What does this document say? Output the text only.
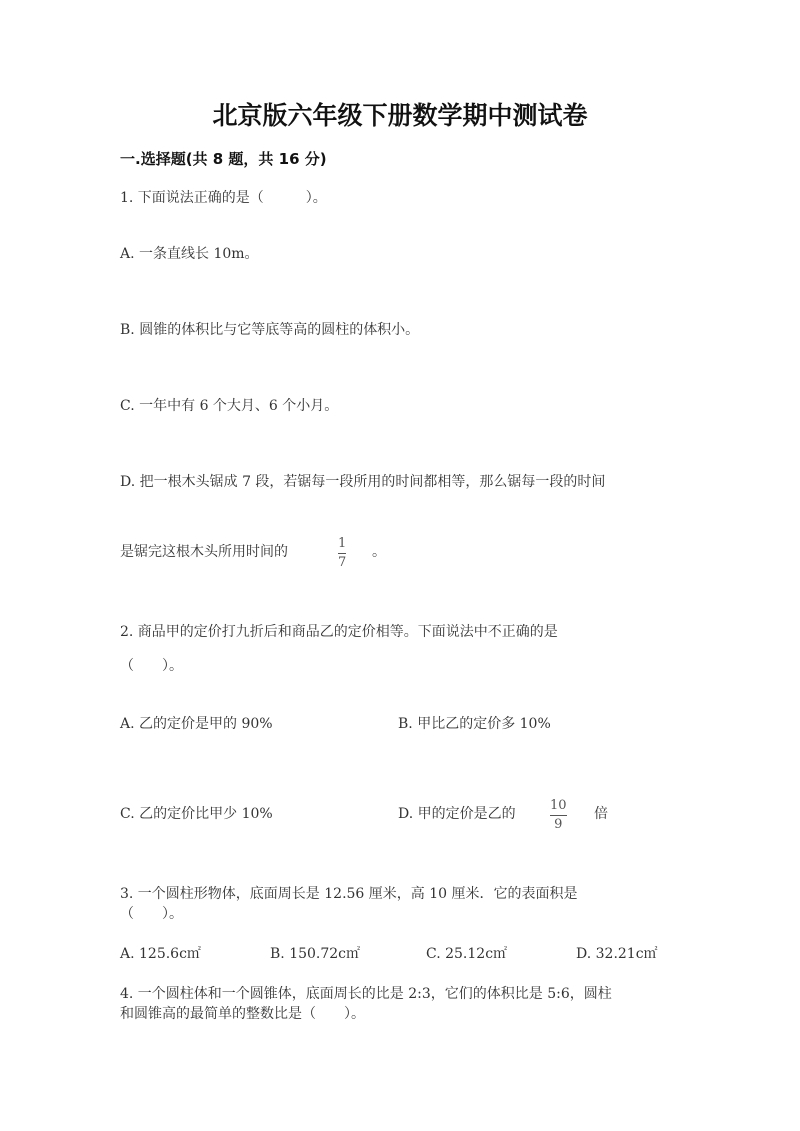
北京版六年级下册数学期中测试卷
一.选择题(共 8 题，共 16 分)
1. 下面说法正确的是（　　　）。
A. 一条直线长 10m。
B. 圆锥的体积比与它等底等高的圆柱的体积小。
C. 一年中有 6 个大月、6 个小月。
D. 把一根木头锯成 7 段，若锯每一段所用的时间都相等，那么锯每一段的时间
是锯完这根木头所用时间的
1
7
。
2. 商品甲的定价打九折后和商品乙的定价相等。下面说法中不正确的是
（　　）。
A. 乙的定价是甲的 90%	B. 甲比乙的定价多 10%
C. 乙的定价比甲少 10%	D. 甲的定价是乙的
10
9
倍
3. 一个圆柱形物体，底面周长是 12.56 厘米，高 10 厘米．它的表面积是
（　　）。
A. 125.6c㎡	B. 150.72c㎡	C. 25.12c㎡	D. 32.21c㎡
4. 一个圆柱体和一个圆锥体，底面周长的比是 2:3，它们的体积比是 5:6，圆柱
和圆锥高的最简单的整数比是（　　）。
